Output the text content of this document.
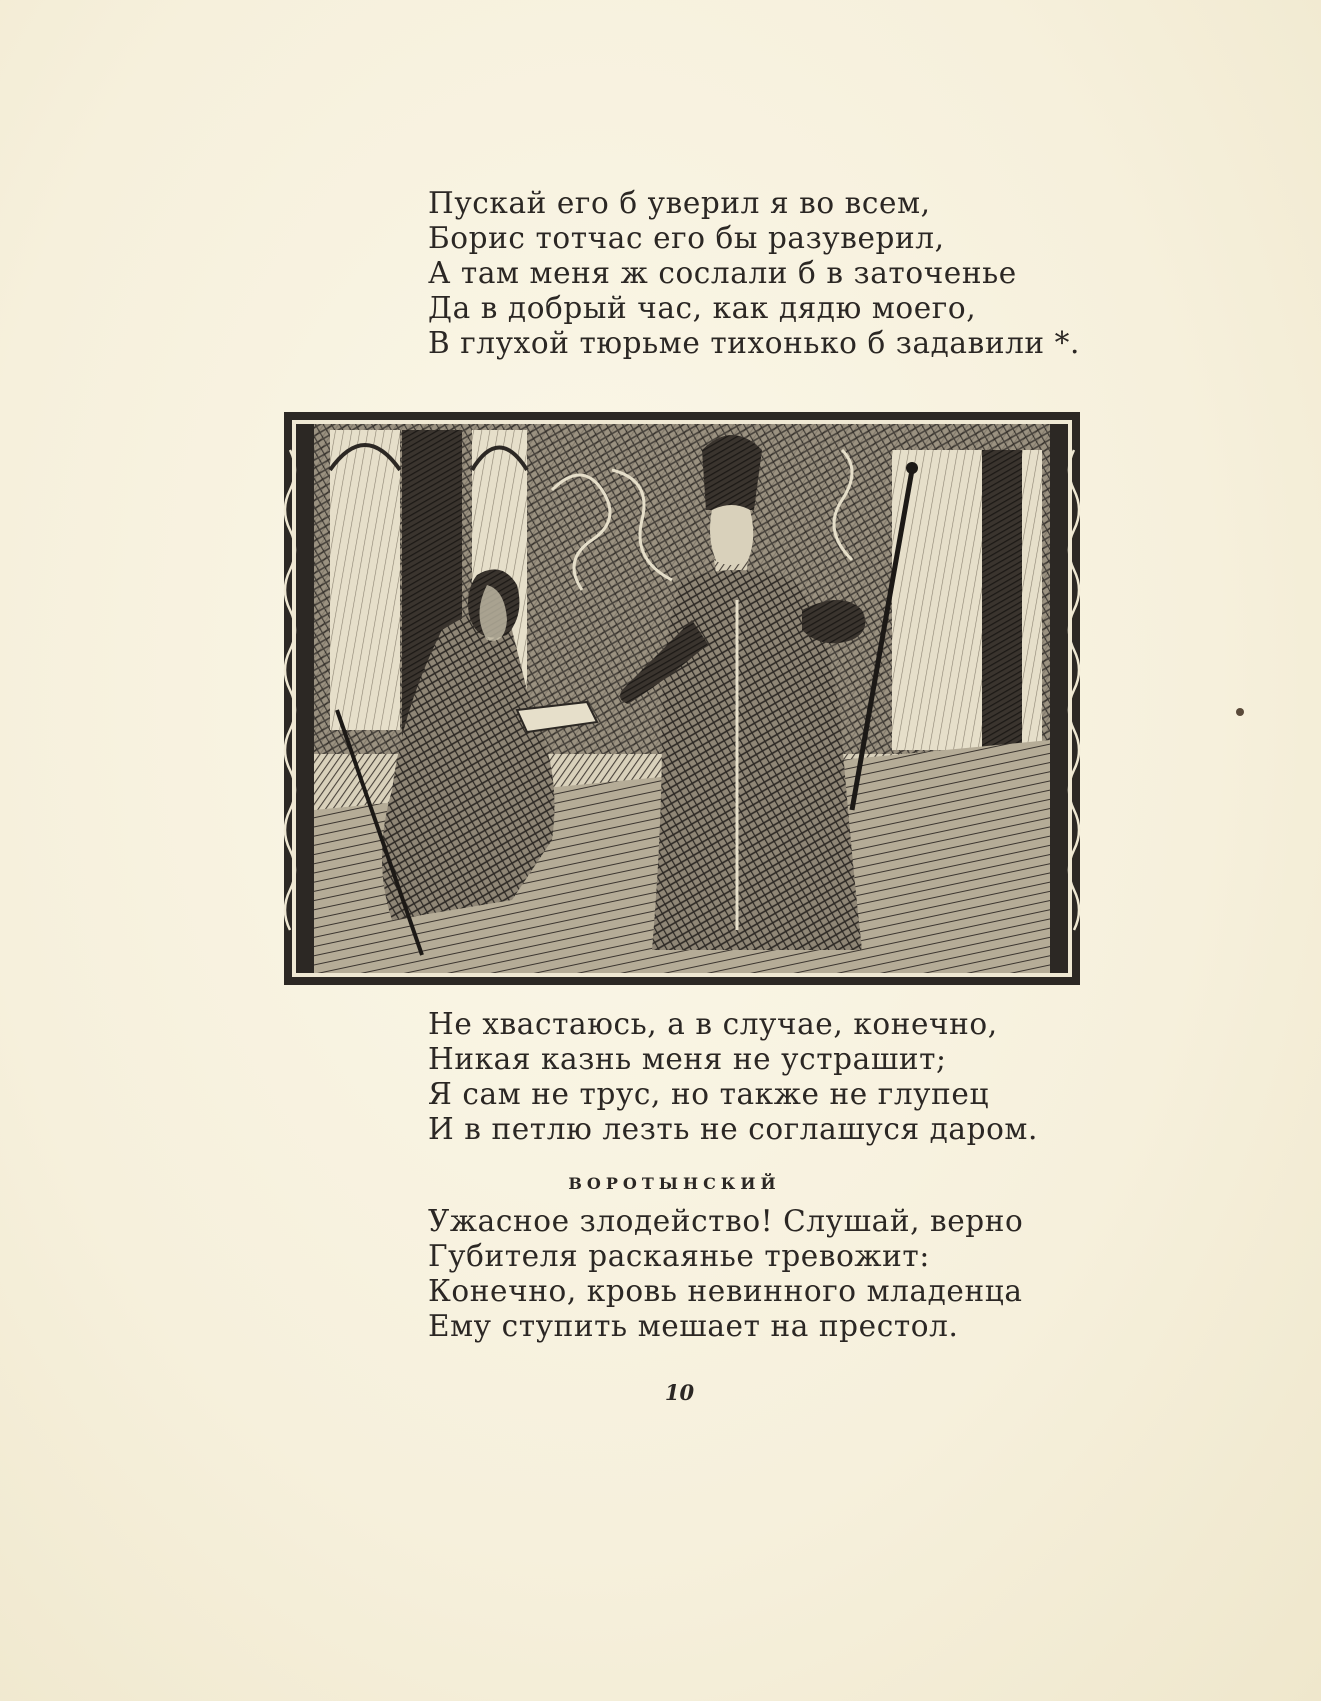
Пускай его б уверил я во всем,
Борис тотчас его бы разуверил,
А там меня ж сослали б в заточенье
Да в добрый час, как дядю моего,
В глухой тюрьме тихонько б задавили *.
Не хвастаюсь, а в случае, конечно,
Никая казнь меня не устрашит;
Я сам не трус, но также не глупец
И в петлю лезть не соглашуся даром.
ВОРОТЫНСКИЙ
Ужасное злодейство! Слушай, верно
Губителя раскаянье тревожит:
Конечно, кровь невинного младенца
Ему ступить мешает на престол.
10
